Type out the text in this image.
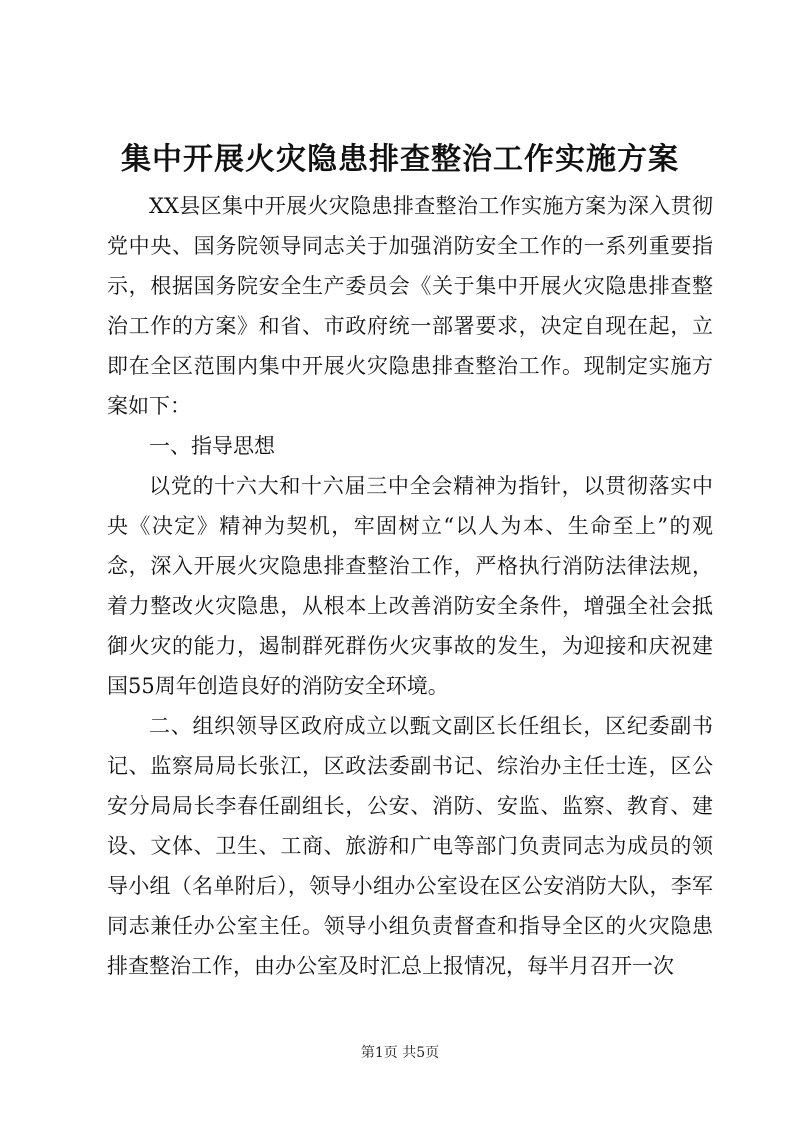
集中开展火灾隐患排查整治工作实施方案

XX县区集中开展火灾隐患排查整治工作实施方案为深入贯彻党中央、国务院领导同志关于加强消防安全工作的一系列重要指示，根据国务院安全生产委员会《关于集中开展火灾隐患排查整治工作的方案》和省、市政府统一部署要求，决定自现在起，立即在全区范围内集中开展火灾隐患排查整治工作。现制定实施方案如下：

一、指导思想

以党的十六大和十六届三中全会精神为指针，以贯彻落实中央《决定》精神为契机，牢固树立“以人为本、生命至上”的观念，深入开展火灾隐患排查整治工作，严格执行消防法律法规，着力整改火灾隐患，从根本上改善消防安全条件，增强全社会抵御火灾的能力，遏制群死群伤火灾事故的发生，为迎接和庆祝建国55周年创造良好的消防安全环境。

二、组织领导区政府成立以甄文副区长任组长，区纪委副书记、监察局局长张江，区政法委副书记、综治办主任士连，区公安分局局长李春任副组长，公安、消防、安监、监察、教育、建设、文体、卫生、工商、旅游和广电等部门负责同志为成员的领导小组（名单附后），领导小组办公室设在区公安消防大队，李军同志兼任办公室主任。领导小组负责督查和指导全区的火灾隐患排查整治工作，由办公室及时汇总上报情况，每半月召开一次

第1页 共5页
